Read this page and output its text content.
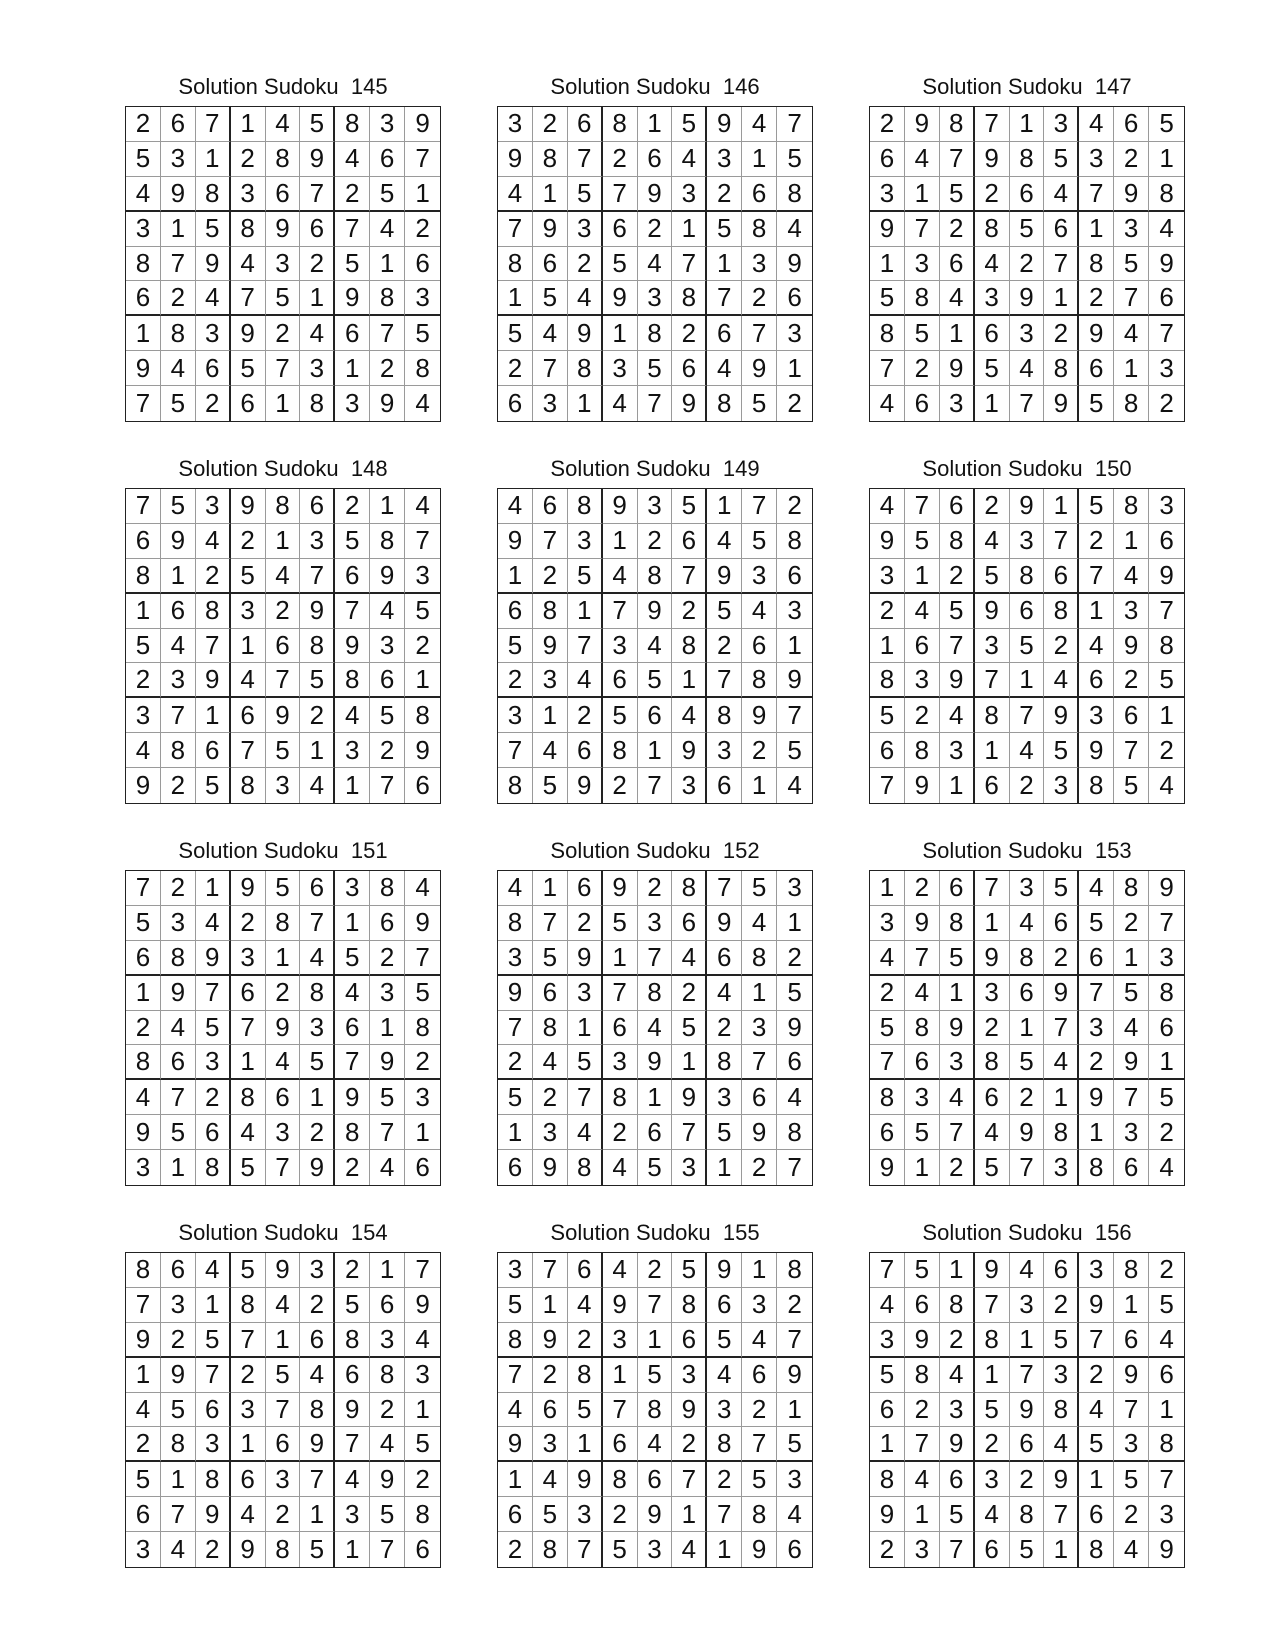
Solution Sudoku  145
2 6 7 1 4 5 8 3 9
5 3 1 2 8 9 4 6 7
4 9 8 3 6 7 2 5 1
3 1 5 8 9 6 7 4 2
8 7 9 4 3 2 5 1 6
6 2 4 7 5 1 9 8 3
1 8 3 9 2 4 6 7 5
9 4 6 5 7 3 1 2 8
7 5 2 6 1 8 3 9 4
Solution Sudoku  146
3 2 6 8 1 5 9 4 7
9 8 7 2 6 4 3 1 5
4 1 5 7 9 3 2 6 8
7 9 3 6 2 1 5 8 4
8 6 2 5 4 7 1 3 9
1 5 4 9 3 8 7 2 6
5 4 9 1 8 2 6 7 3
2 7 8 3 5 6 4 9 1
6 3 1 4 7 9 8 5 2
Solution Sudoku  147
2 9 8 7 1 3 4 6 5
6 4 7 9 8 5 3 2 1
3 1 5 2 6 4 7 9 8
9 7 2 8 5 6 1 3 4
1 3 6 4 2 7 8 5 9
5 8 4 3 9 1 2 7 6
8 5 1 6 3 2 9 4 7
7 2 9 5 4 8 6 1 3
4 6 3 1 7 9 5 8 2
Solution Sudoku  148
7 5 3 9 8 6 2 1 4
6 9 4 2 1 3 5 8 7
8 1 2 5 4 7 6 9 3
1 6 8 3 2 9 7 4 5
5 4 7 1 6 8 9 3 2
2 3 9 4 7 5 8 6 1
3 7 1 6 9 2 4 5 8
4 8 6 7 5 1 3 2 9
9 2 5 8 3 4 1 7 6
Solution Sudoku  149
4 6 8 9 3 5 1 7 2
9 7 3 1 2 6 4 5 8
1 2 5 4 8 7 9 3 6
6 8 1 7 9 2 5 4 3
5 9 7 3 4 8 2 6 1
2 3 4 6 5 1 7 8 9
3 1 2 5 6 4 8 9 7
7 4 6 8 1 9 3 2 5
8 5 9 2 7 3 6 1 4
Solution Sudoku  150
4 7 6 2 9 1 5 8 3
9 5 8 4 3 7 2 1 6
3 1 2 5 8 6 7 4 9
2 4 5 9 6 8 1 3 7
1 6 7 3 5 2 4 9 8
8 3 9 7 1 4 6 2 5
5 2 4 8 7 9 3 6 1
6 8 3 1 4 5 9 7 2
7 9 1 6 2 3 8 5 4
Solution Sudoku  151
7 2 1 9 5 6 3 8 4
5 3 4 2 8 7 1 6 9
6 8 9 3 1 4 5 2 7
1 9 7 6 2 8 4 3 5
2 4 5 7 9 3 6 1 8
8 6 3 1 4 5 7 9 2
4 7 2 8 6 1 9 5 3
9 5 6 4 3 2 8 7 1
3 1 8 5 7 9 2 4 6
Solution Sudoku  152
4 1 6 9 2 8 7 5 3
8 7 2 5 3 6 9 4 1
3 5 9 1 7 4 6 8 2
9 6 3 7 8 2 4 1 5
7 8 1 6 4 5 2 3 9
2 4 5 3 9 1 8 7 6
5 2 7 8 1 9 3 6 4
1 3 4 2 6 7 5 9 8
6 9 8 4 5 3 1 2 7
Solution Sudoku  153
1 2 6 7 3 5 4 8 9
3 9 8 1 4 6 5 2 7
4 7 5 9 8 2 6 1 3
2 4 1 3 6 9 7 5 8
5 8 9 2 1 7 3 4 6
7 6 3 8 5 4 2 9 1
8 3 4 6 2 1 9 7 5
6 5 7 4 9 8 1 3 2
9 1 2 5 7 3 8 6 4
Solution Sudoku  154
8 6 4 5 9 3 2 1 7
7 3 1 8 4 2 5 6 9
9 2 5 7 1 6 8 3 4
1 9 7 2 5 4 6 8 3
4 5 6 3 7 8 9 2 1
2 8 3 1 6 9 7 4 5
5 1 8 6 3 7 4 9 2
6 7 9 4 2 1 3 5 8
3 4 2 9 8 5 1 7 6
Solution Sudoku  155
3 7 6 4 2 5 9 1 8
5 1 4 9 7 8 6 3 2
8 9 2 3 1 6 5 4 7
7 2 8 1 5 3 4 6 9
4 6 5 7 8 9 3 2 1
9 3 1 6 4 2 8 7 5
1 4 9 8 6 7 2 5 3
6 5 3 2 9 1 7 8 4
2 8 7 5 3 4 1 9 6
Solution Sudoku  156
7 5 1 9 4 6 3 8 2
4 6 8 7 3 2 9 1 5
3 9 2 8 1 5 7 6 4
5 8 4 1 7 3 2 9 6
6 2 3 5 9 8 4 7 1
1 7 9 2 6 4 5 3 8
8 4 6 3 2 9 1 5 7
9 1 5 4 8 7 6 2 3
2 3 7 6 5 1 8 4 9
